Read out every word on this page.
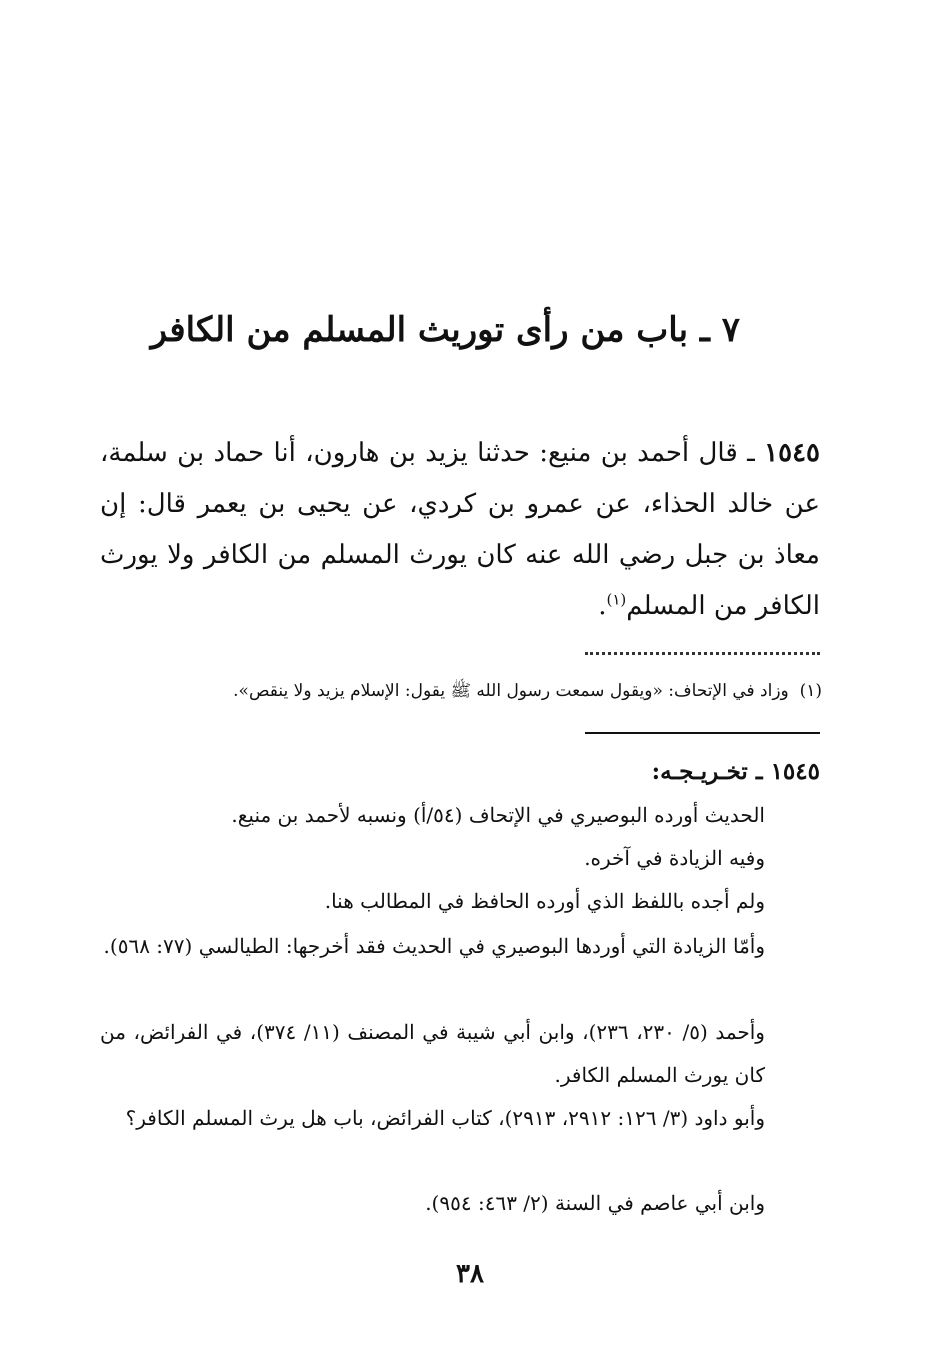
٧ ـ باب من رأى توريث المسلم من الكافر
١٥٤٥ ـ قال أحمد بن منيع: حدثنا يزيد بن هارون، أنا حماد بن سلمة، عن خالد الحذاء، عن عمرو بن كردي، عن يحيى بن يعمر قال: إن معاذ بن جبل رضي الله عنه كان يورث المسلم من الكافر ولا يورث الكافر من المسلم$^{(١)}$.
(١)  وزاد في الإتحاف: «ويقول سمعت رسول الله ﷺ يقول: الإسلام يزيد ولا ينقص».
١٥٤٥ ـ تخـريـجـه:
الحديث أورده البوصيري في الإتحاف (٥٤/أ) ونسبه لأحمد بن منيع.
وفيه الزيادة في آخره.
ولم أجده باللفظ الذي أورده الحافظ في المطالب هنا.
وأمّا الزيادة التي أوردها البوصيري في الحديث فقد أخرجها: الطيالسي (٧٧: ٥٦٨).
وأحمد (٥/ ٢٣٠، ٢٣٦)، وابن أبي شيبة في المصنف (١١/ ٣٧٤)، في الفرائض، من كان يورث المسلم الكافر.
وأبو داود (٣/ ١٢٦: ٢٩١٢، ٢٩١٣)، كتاب الفرائض، باب هل يرث المسلم الكافر؟
وابن أبي عاصم في السنة (٢/ ٤٦٣: ٩٥٤).
٣٨
